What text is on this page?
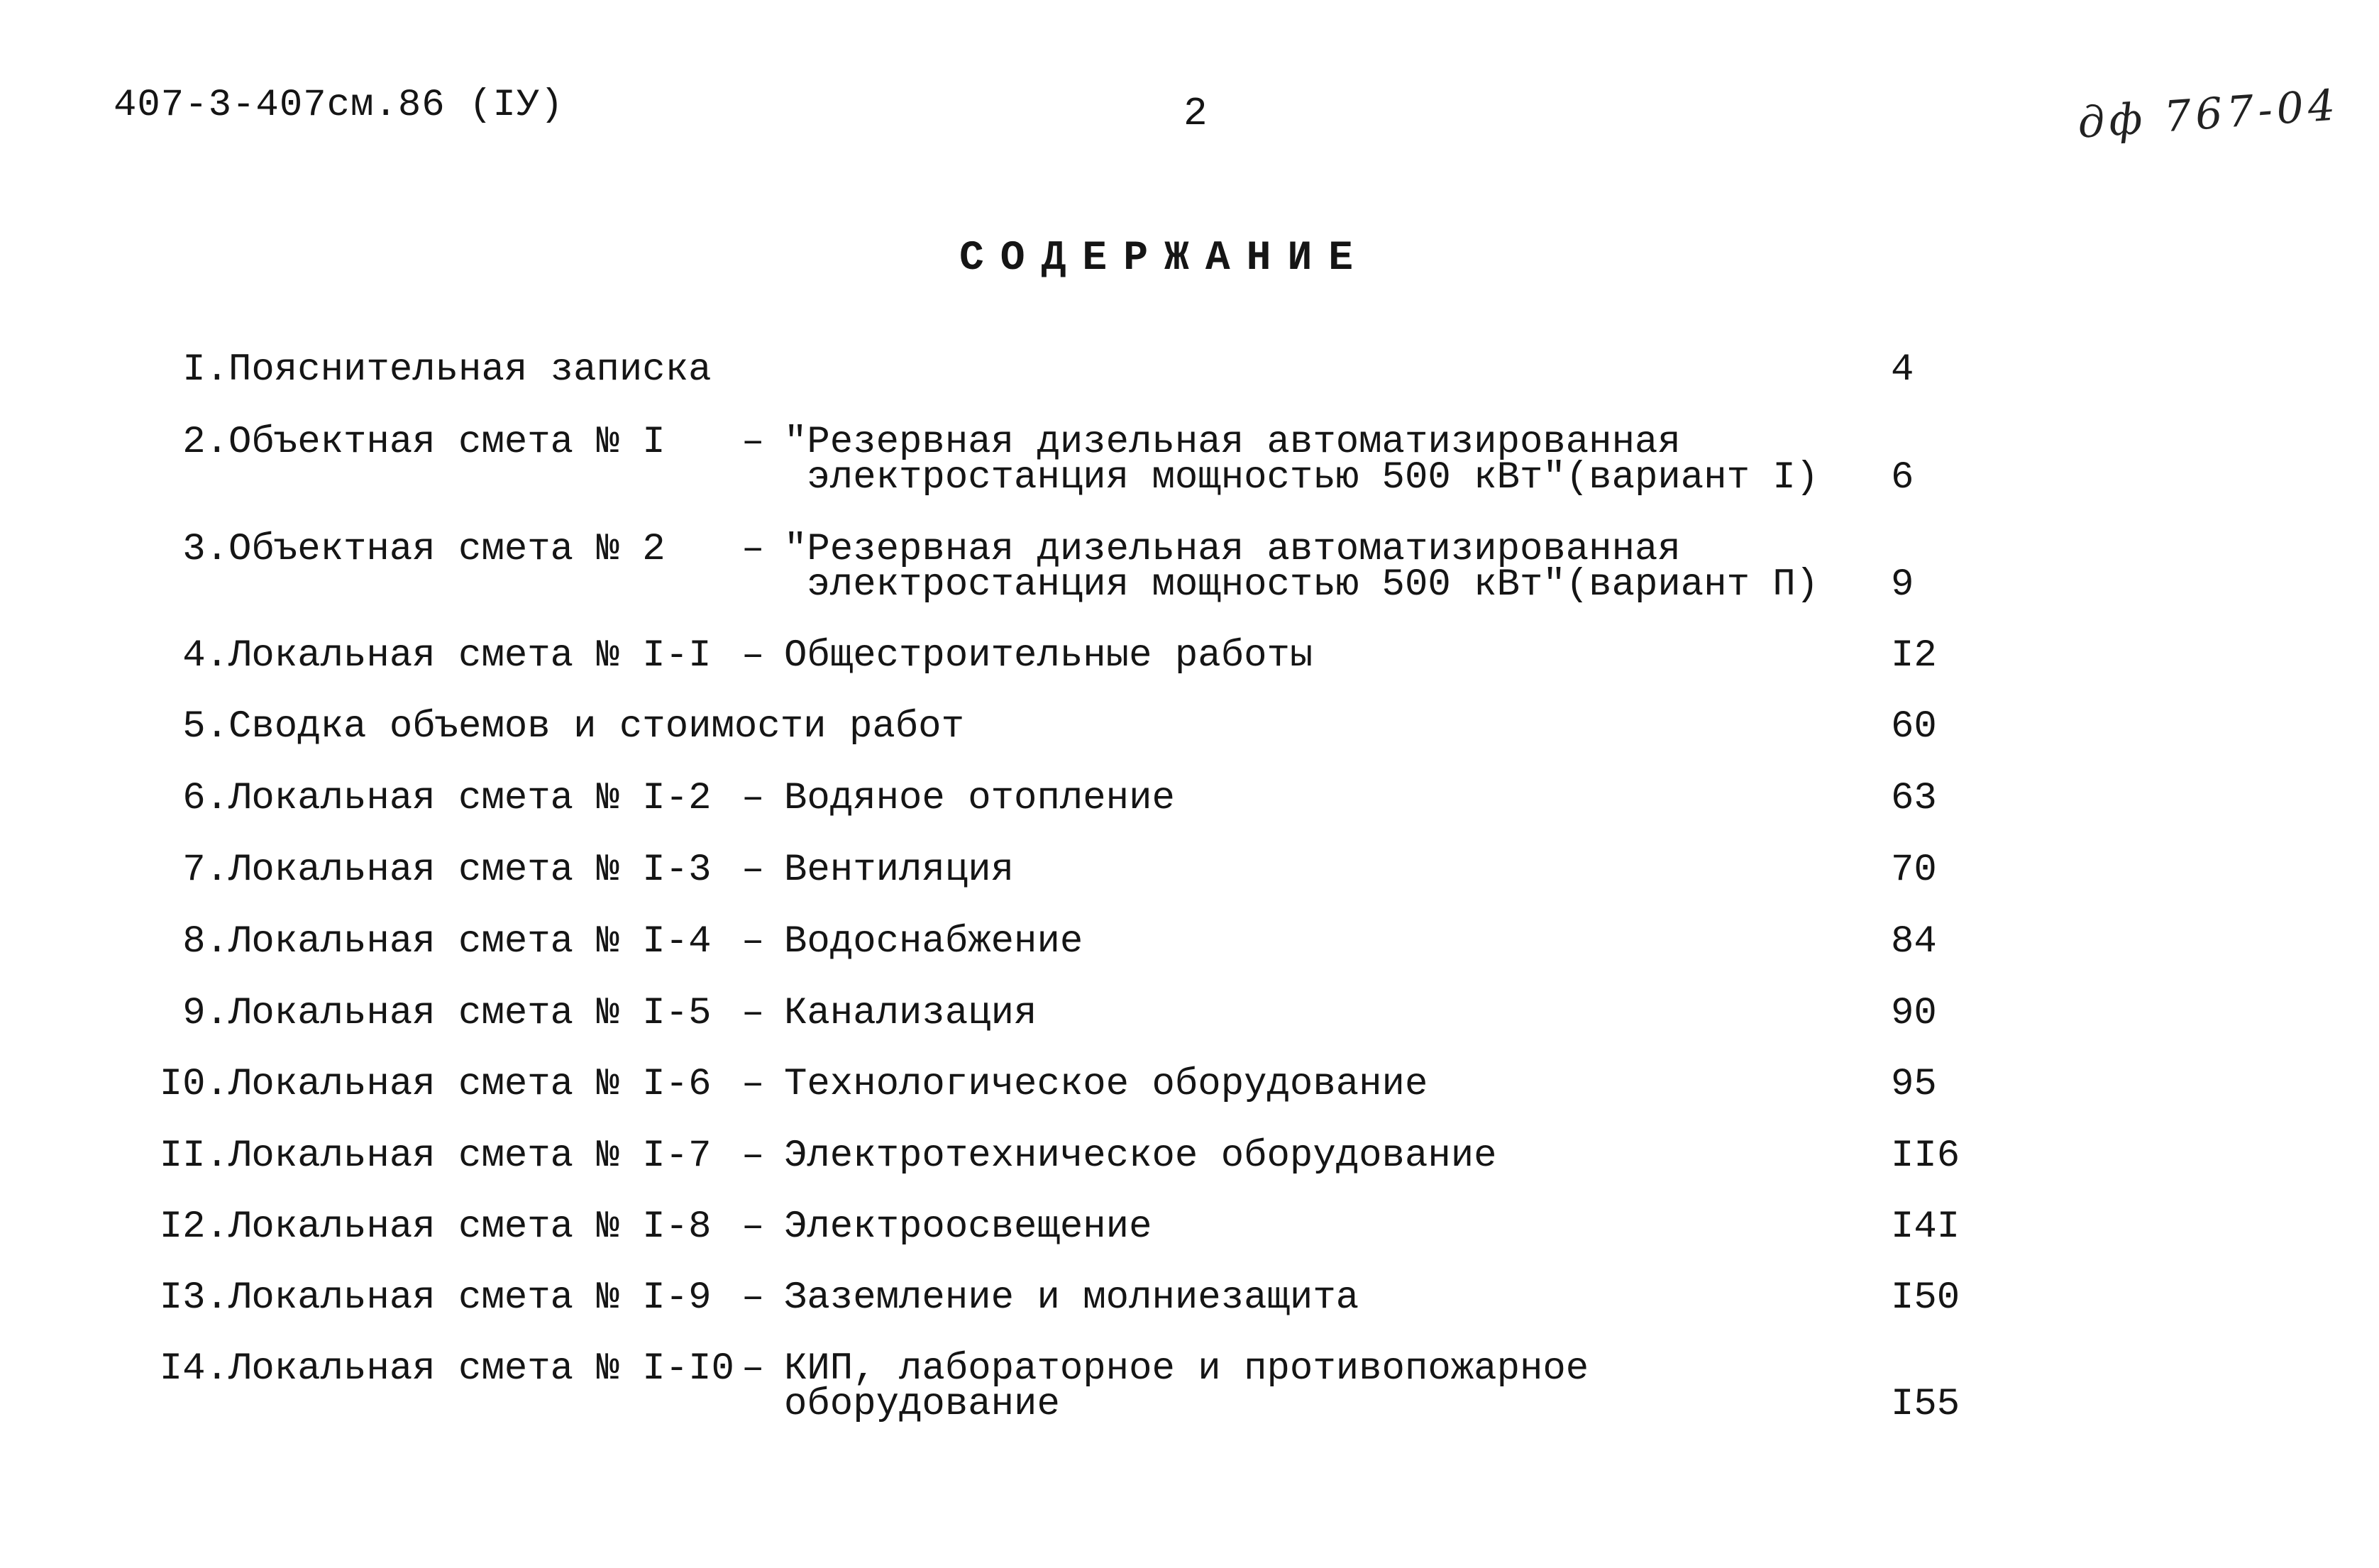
407-3-407см.86 (IУ)	2	дф 767-04
СОДЕРЖАНИЕ
I. Пояснительная записка	4
2. Объектная смета № I – "Резервная дизельная автоматизированная
электростанция мощностью 500 кВт"(вариант I) 6
3. Объектная смета № 2 – "Резервная дизельная автоматизированная
электростанция мощностью 500 кВт"(вариант П) 9
4. Локальная смета № I-I – Общестроительные работы	I2
5. Сводка объемов и стоимости работ	60
6. Локальная смета № I-2 – Водяное отопление	63
7. Локальная смета № I-3 – Вентиляция	70
8. Локальная смета № I-4 – Водоснабжение	84
9. Локальная смета № I-5 – Канализация	90
I0. Локальная смета № I-6 – Технологическое оборудование	95
II. Локальная смета № I-7 – Электротехническое оборудование	II6
I2. Локальная смета № I-8 – Электроосвещение	I4I
I3. Локальная смета № I-9 – Заземление и молниезащита	I50
I4. Локальная смета № I-I0 – КИП, лабораторное и противопожарное
оборудование	I55
